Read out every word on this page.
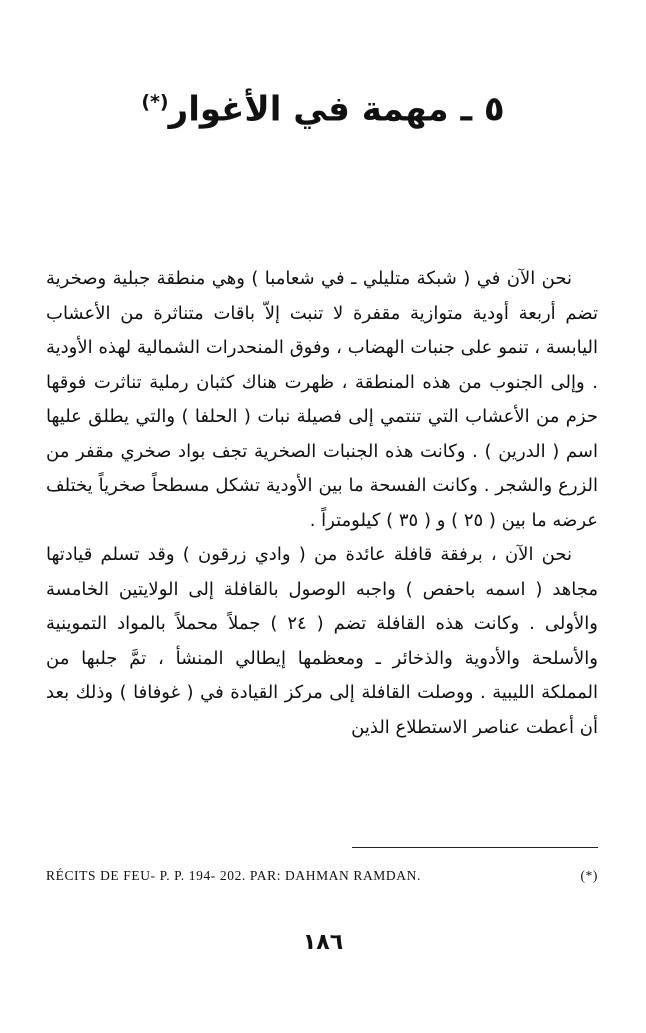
٥ ـ مهمة في الأغوار(*)

نحن الآن في ( شبكة متليلي ـ في شعامبا ) وهي منطقة جبلية وصخرية تضم أربعة أودية متوازية مقفرة لا تنبت إلاّ باقات متناثرة من الأعشاب اليابسة ، تنمو على جنبات الهضاب ، وفوق المنحدرات الشمالية لهذه الأودية . وإلى الجنوب من هذه المنطقة ، ظهرت هناك كثبان رملية تناثرت فوقها حزم من الأعشاب التي تنتمي إلى فصيلة نبات ( الحلفا ) والتي يطلق عليها اسم ( الدرين ) . وكانت هذه الجنبات الصخرية تجف بواد صخري مقفر من الزرع والشجر . وكانت الفسحة ما بين الأودية تشكل مسطحاً صخرياً يختلف عرضه ما بين ( ٢٥ ) و ( ٣٥ ) كيلومتراً .

نحن الآن ، برفقة قافلة عائدة من ( وادي زرقون ) وقد تسلم قيادتها مجاهد ( اسمه باحفص ) واجبه الوصول بالقافلة إلى الولايتين الخامسة والأولى . وكانت هذه القافلة تضم ( ٢٤ ) جملاً محملاً بالمواد التموينية والأسلحة والأدوية والذخائر ـ ومعظمها إيطالي المنشأ ، تمَّ جلبها من المملكة الليبية . ووصلت القافلة إلى مركز القيادة في ( غوفافا ) وذلك بعد أن أعطت عناصر الاستطلاع الذين

RÉCITS DE FEU- P. P. 194- 202. PAR: DAHMAN RAMDAN.	(*)
١٨٦
